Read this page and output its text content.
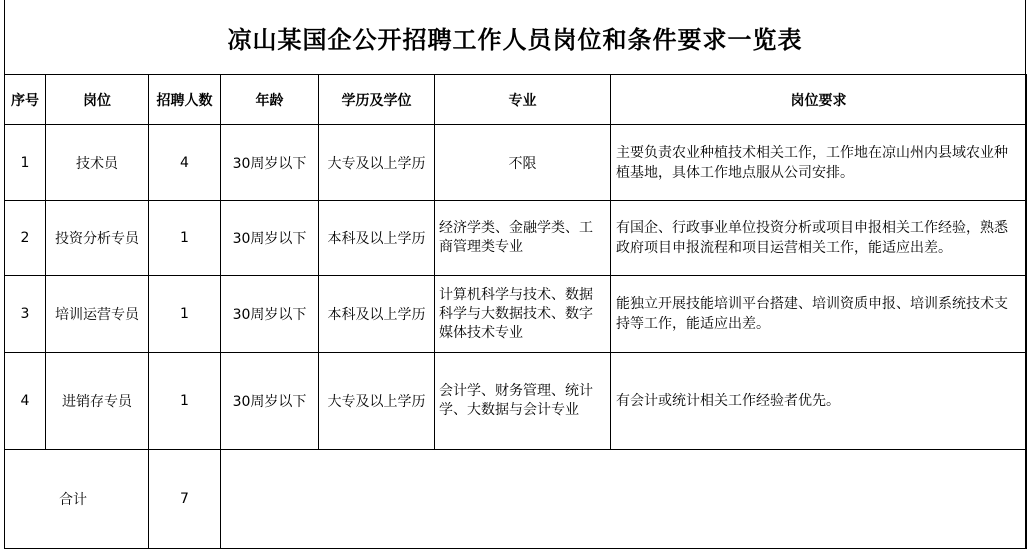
凉山某国企公开招聘工作人员岗位和条件要求一览表
序号	岗位	招聘人数	年龄	学历及学位	专业	岗位要求
1	技术员	4	30周岁以下	大专及以上学历	不限	主要负责农业种植技术相关工作，工作地在凉山州内县域农业种植基地，具体工作地点服从公司安排。
2	投资分析专员	1	30周岁以下	本科及以上学历	经济学类、金融学类、工商管理类专业	有国企、行政事业单位投资分析或项目申报相关工作经验，熟悉政府项目申报流程和项目运营相关工作，能适应出差。
3	培训运营专员	1	30周岁以下	本科及以上学历	计算机科学与技术、数据科学与大数据技术、数字媒体技术专业	能独立开展技能培训平台搭建、培训资质申报、培训系统技术支持等工作，能适应出差。
4	进销存专员	1	30周岁以下	大专及以上学历	会计学、财务管理、统计学、大数据与会计专业	有会计或统计相关工作经验者优先。
合计		7				
